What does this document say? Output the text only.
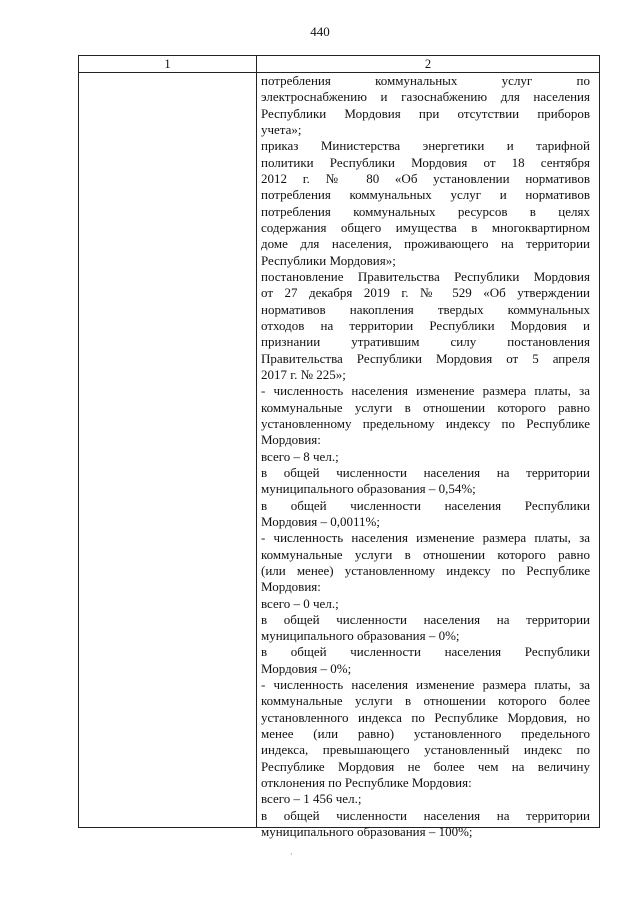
440
1	2
потребления коммунальных услуг по
электроснабжению и газоснабжению для населения
Республики Мордовия при отсутствии приборов
учета»;
приказ Министерства энергетики и тарифной
политики Республики Мордовия от 18 сентября
2012 г. № 80 «Об установлении нормативов
потребления коммунальных услуг и нормативов
потребления коммунальных ресурсов в целях
содержания общего имущества в многоквартирном
доме для населения, проживающего на территории
Республики Мордовия»;
постановление Правительства Республики Мордовия
от 27 декабря 2019 г. № 529 «Об утверждении
нормативов накопления твердых коммунальных
отходов на территории Республики Мордовия и
признании утратившим силу постановления
Правительства Республики Мордовия от 5 апреля
2017 г. № 225»;
- численность населения изменение размера платы, за
коммунальные услуги в отношении которого равно
установленному предельному индексу по Республике
Мордовия:
всего – 8 чел.;
в общей численности населения на территории
муниципального образования – 0,54%;
в общей численности населения Республики
Мордовия – 0,0011%;
- численность населения изменение размера платы, за
коммунальные услуги в отношении которого равно
(или менее) установленному индексу по Республике
Мордовия:
всего – 0 чел.;
в общей численности населения на территории
муниципального образования – 0%;
в общей численности населения Республики
Мордовия – 0%;
- численность населения изменение размера платы, за
коммунальные услуги в отношении которого более
установленного индекса по Республике Мордовия, но
менее (или равно) установленного предельного
индекса, превышающего установленный индекс по
Республике Мордовия не более чем на величину
отклонения по Республике Мордовия:
всего – 1 456 чел.;
в общей численности населения на территории
муниципального образования – 100%;
·
